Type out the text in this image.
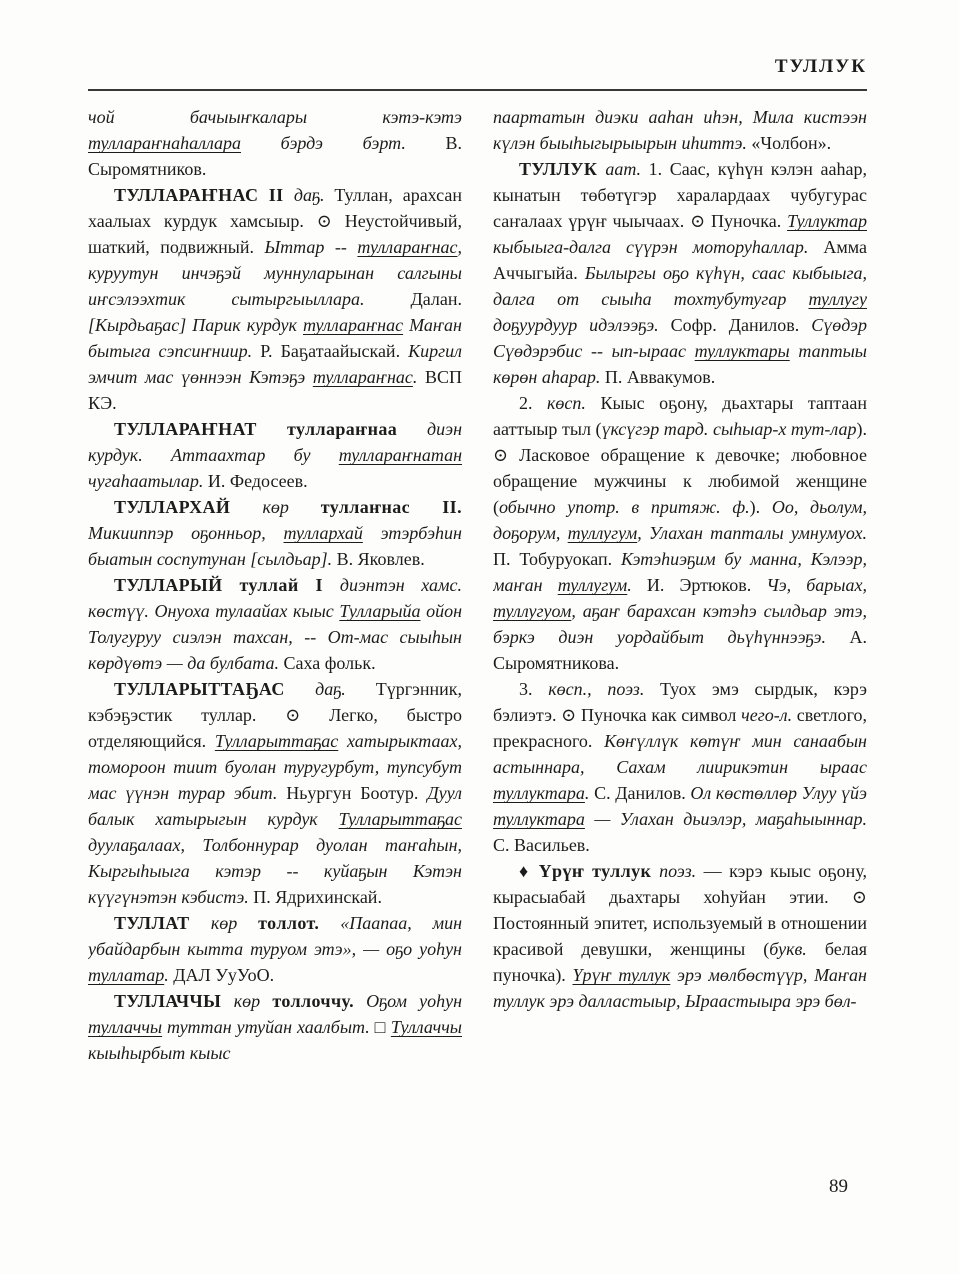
ТУЛЛУК

чой бачыыҥкалары кэтэ-кэтэ туллараҥнаһаллара бэрдэ бэрт. В. Сыромятников.

ТУЛЛАРАҤНАС II даҕ. Туллан, арахсан хаалыах курдук хамсыыр. ⊙ Неустойчивый, шаткий, подвижный. Ыттар -- туллараҥнас, куруутун инчэҕэй муннуларынан салгыны иҥсэлээхтик сытыргыыллара. Далан. [Кырдьаҕас] Парик курдук туллараҥнас Маҥан бытыга сэпсиҥниир. Р. Баҕатаайыскай. Киргил эмчит мас үөннээн Кэтэҕэ туллараҥнас. ВСП КЭ.

ТУЛЛАРАҤНАТ туллараҥнаа диэн курдук. Аттаахтар бу туллараҥнатан чугаһаатылар. И. Федосеев.

ТУЛЛАРХАЙ көр туллаҥнас II. Микииппэр оҕонньор, туллархай этэрбэһин быатын соспутунан [сылдьар]. В. Яковлев.

ТУЛЛАРЫЙ туллай I диэнтэн хамс. көстүү. Онуоха тулаайах кыыс Тулларыйа ойон Толугуруу сиэлэн тахсан, -- От-мас сыыһын көрдүөтэ — да булбата. Саха фольк.

ТУЛЛАРЫТТАҔАС даҕ. Түргэнник, кэбэҕэстик туллар. ⊙ Легко, быстро отделяющийся. Тулларыттаҕас хатырыктаах, томороон тиит буолан туругурбут, тупсубут мас үүнэн турар эбит. Ньургун Боотур. Дуул балык хатырыгын курдук Тулларыттаҕас дуулаҕалаах, Толбоннурар дуолан таҥаһын, Кыргыһыыга кэтэр -- куйаҕын Кэтэн күүгүнэтэн кэбистэ. П. Ядрихинскай.

ТУЛЛАТ көр толлот. «Паапаа, мин убайдарбын кытта туруом этэ», — оҕо уоһун туллатар. ДАЛ УуУоО.

ТУЛЛАЧЧЫ көр толлоччу. Оҕом уоһун туллаччы туттан утуйан хаалбыт. □ Туллаччы кыыһырбыт кыыс

паартатын диэки ааһан иһэн, Мила кистээн күлэн быыһыгырыырын иһиттэ. «Чолбон».

ТУЛЛУК аат. 1. Саас, күһүн кэлэн ааһар, кынатын төбөтүгэр харалардаах чубугурас саҥалаах үрүҥ чыычаах. ⊙ Пуночка. Туллуктар кыбыыга-далга сүүрэн моторуһаллар. Амма Аччыгыйа. Былыргы оҕо күһүн, саас кыбыыга, далга от сыыһа тохтубутугар туллугу доҕуурдуур идэлээҕэ. Софр. Данилов. Сүөдэр Сүөдэрэбис -- ып-ыраас туллуктары таптыы көрөн аһарар. П. Аввакумов.

2. көсп. Кыыс оҕону, дьахтары таптаан ааттыыр тыл (үксүгэр тард. сыһыар-х тут-лар). ⊙ Ласковое обращение к девочке; любовное обращение мужчины к любимой женщине (обычно употр. в притяж. ф.). Оо, дьолум, доҕорум, туллугум, Улахан тапталы умнумуох. П. Тобуруокап. Кэтэһиэҕим бу манна, Кэлээр, маҥан туллугум. И. Эртюков. Чэ, барыах, туллугуом, аҕаҥ барахсан кэтэһэ сылдьар этэ, бэркэ диэн уордайбыт дьүһүннээҕэ. А. Сыромятникова.

3. көсп., поэз. Туох эмэ сырдык, кэрэ бэлиэтэ. ⊙ Пуночка как символ чего-л. светлого, прекрасного. Көҥүллүк көтүҥ мин санаабын астыннара, Сахам лиирикэтин ыраас туллуктара. С. Данилов. Ол көстөллөр Улуу үйэ туллуктара — Улахан дьиэлэр, маҕаһыыннар. С. Васильев.

♦ Үрүҥ туллук поэз. — кэрэ кыыс оҕону, кырасыабай дьахтары хоһуйан этии. ⊙ Постоянный эпитет, используемый в отношении красивой девушки, женщины (букв. белая пуночка). Үрүҥ туллук эрэ мөлбөстүүр, Маҥан туллук эрэ далластыыр, Ыраастыыра эрэ бөл-

89
